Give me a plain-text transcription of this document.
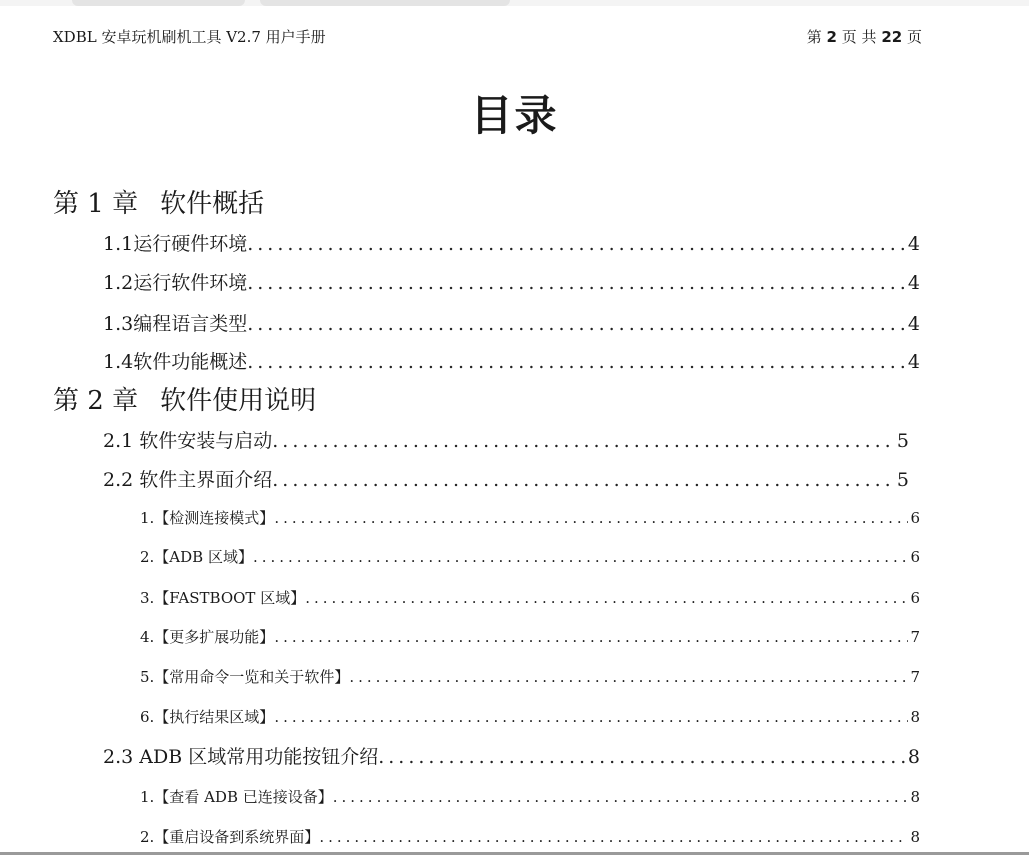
XDBL 安卓玩机刷机工具 V2.7 用户手册	第 2 页 共 22 页
目录
第 1 章 软件概括
1.1运行硬件环境 .....	4
1.2运行软件环境 .....	4
1.3编程语言类型 .....	4
1.4软件功能概述 .....	4
第 2 章 软件使用说明
2.1 软件安装与启动 .....	5
2.2 软件主界面介绍 .....	5
1.【检测连接模式】 .....	6
2.【ADB 区域】 .....	6
3.【FASTBOOT 区域】 .....	6
4.【更多扩展功能】 .....	7
5.【常用命令一览和关于软件】 .....	7
6.【执行结果区域】 .....	8
2.3 ADB 区域常用功能按钮介绍 .....	8
1.【查看 ADB 已连接设备】 .....	8
2.【重启设备到系统界面】 .....	8
